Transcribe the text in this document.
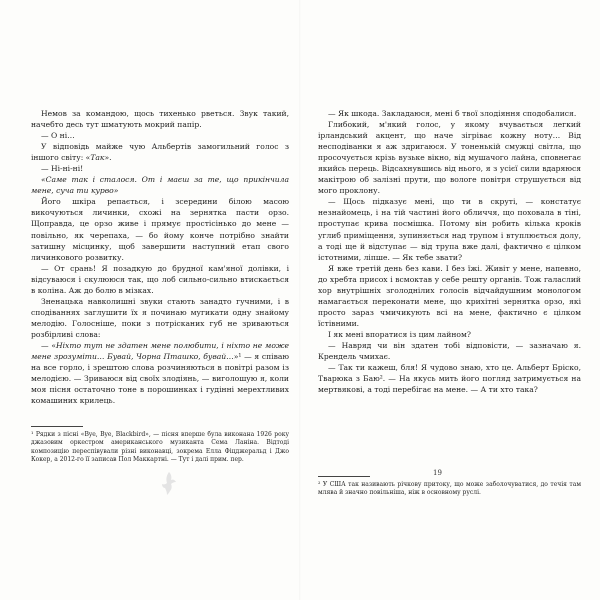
Немов за командою, щось тихенько рветься. Звук такий, начебто десь тут шматують мокрий папір.

— О ні…

У відповідь майже чую Альбертів замогильний голос з іншого світу: «Так».

— Ні-ні-ні!

«Саме так і сталося. От і маєш за те, що прикінчила мене, суча ти курво»

Його шкіра репається, і зсередини білою масою викочуються личинки, схожі на зернятка пасти орзо. Щоправда, це орзо живе і прямує простісінько до мене — повільно, як черепаха, — бо йому конче потрібно знайти затишну місцинку, щоб завершити наступний етап свого личинкового розвитку.

— От срань! Я позадкую до брудної кам'яної долівки, і відсуваюся і скулююся так, що лоб сильно-сильно втискається в коліна. Аж до болю в мізках.

Зненацька навколишні звуки стають занадто гучними, і в сподіваннях заглушити їх я починаю мугикати одну знайому мелодію. Голосніше, поки з потрісканих губ не зриваються розбірливі слова:

— «Ніхто тут не здатен мене полюбити, і ніхто не може мене зрозуміти… Бувай, Чорна Пташко, бувай…»¹ — я співаю на все горло, і зрештою слова розчиняються в повітрі разом із мелодією. — Зриваюся від своїх злодіянь, — виголошую я, коли моя пісня остаточно тоне в порошинках і гудінні мерехтливих комашиних крилець.

¹ Рядки з пісні «Bye, Bye, Blackbird», — пісня вперше була виконана 1926 року джазовим оркестром американського музиканта Сема Ланіна. Відтоді композицію переспівували різні виконавці, зокрема Елла Фіцджеральд і Джо Кокер, а 2012-го її записав Пол Маккартні. — Тут і далі прим. пер.

— Як шкода. Закладаюся, мені б твої злодіяння сподобалися.

Глибокий, м'який голос, у якому вчувається легкий ірландський акцент, що наче зігріває кожну ноту… Від несподіванки я аж здригаюся. У тоненькій смужці світла, що просочується крізь вузьке вікно, від мушачого лайна, сповнегає якийсь перець. Відсахнувшись від нього, я з усієї сили вдаряюся макітрою об залізні прути, що вологе повітря струшується від мого проклону.

— Щось підказує мені, що ти в скруті, — констатує незнайомець, і на тій частині його обличчя, що поховала в тіні, проступає крива посмішка. Потому він робить кілька кроків углиб приміщення, зупиняється над трупом і втуплюється долу, а тоді ще й відступає — від трупа вже далі, фактично є цілком істотними, ліпше. — Як тебе звати?

Я вже третій день без кави. І без їжі. Живіт у мене, напевно, до хребта присох і всмоктав у себе решту органів. Тож галаслий хор внутрішніх зголоднілих голосів відчайдушним монологом намагається переконати мене, що крихітні зернятка орзо, які просто зараз чмичикують всі на мене, фактично є цілком їстівними.

І як мені впоратися із цим лайном?

— Навряд чи він здатен тобі відповісти, — зазначаю я. Крендель чмихає.

— Так ти кажеш, бля! Я чудово знаю, хто це. Альберт Бріско, Тварюка з Баю². — На якусь мить його погляд затримується на мертвякові, а тоді перебігає на мене. — А ти хто така?

² У США так називають річкову притоку, що може заболочуватися, до течія там млява й значно повільніша, ніж в основному руслі.

19
